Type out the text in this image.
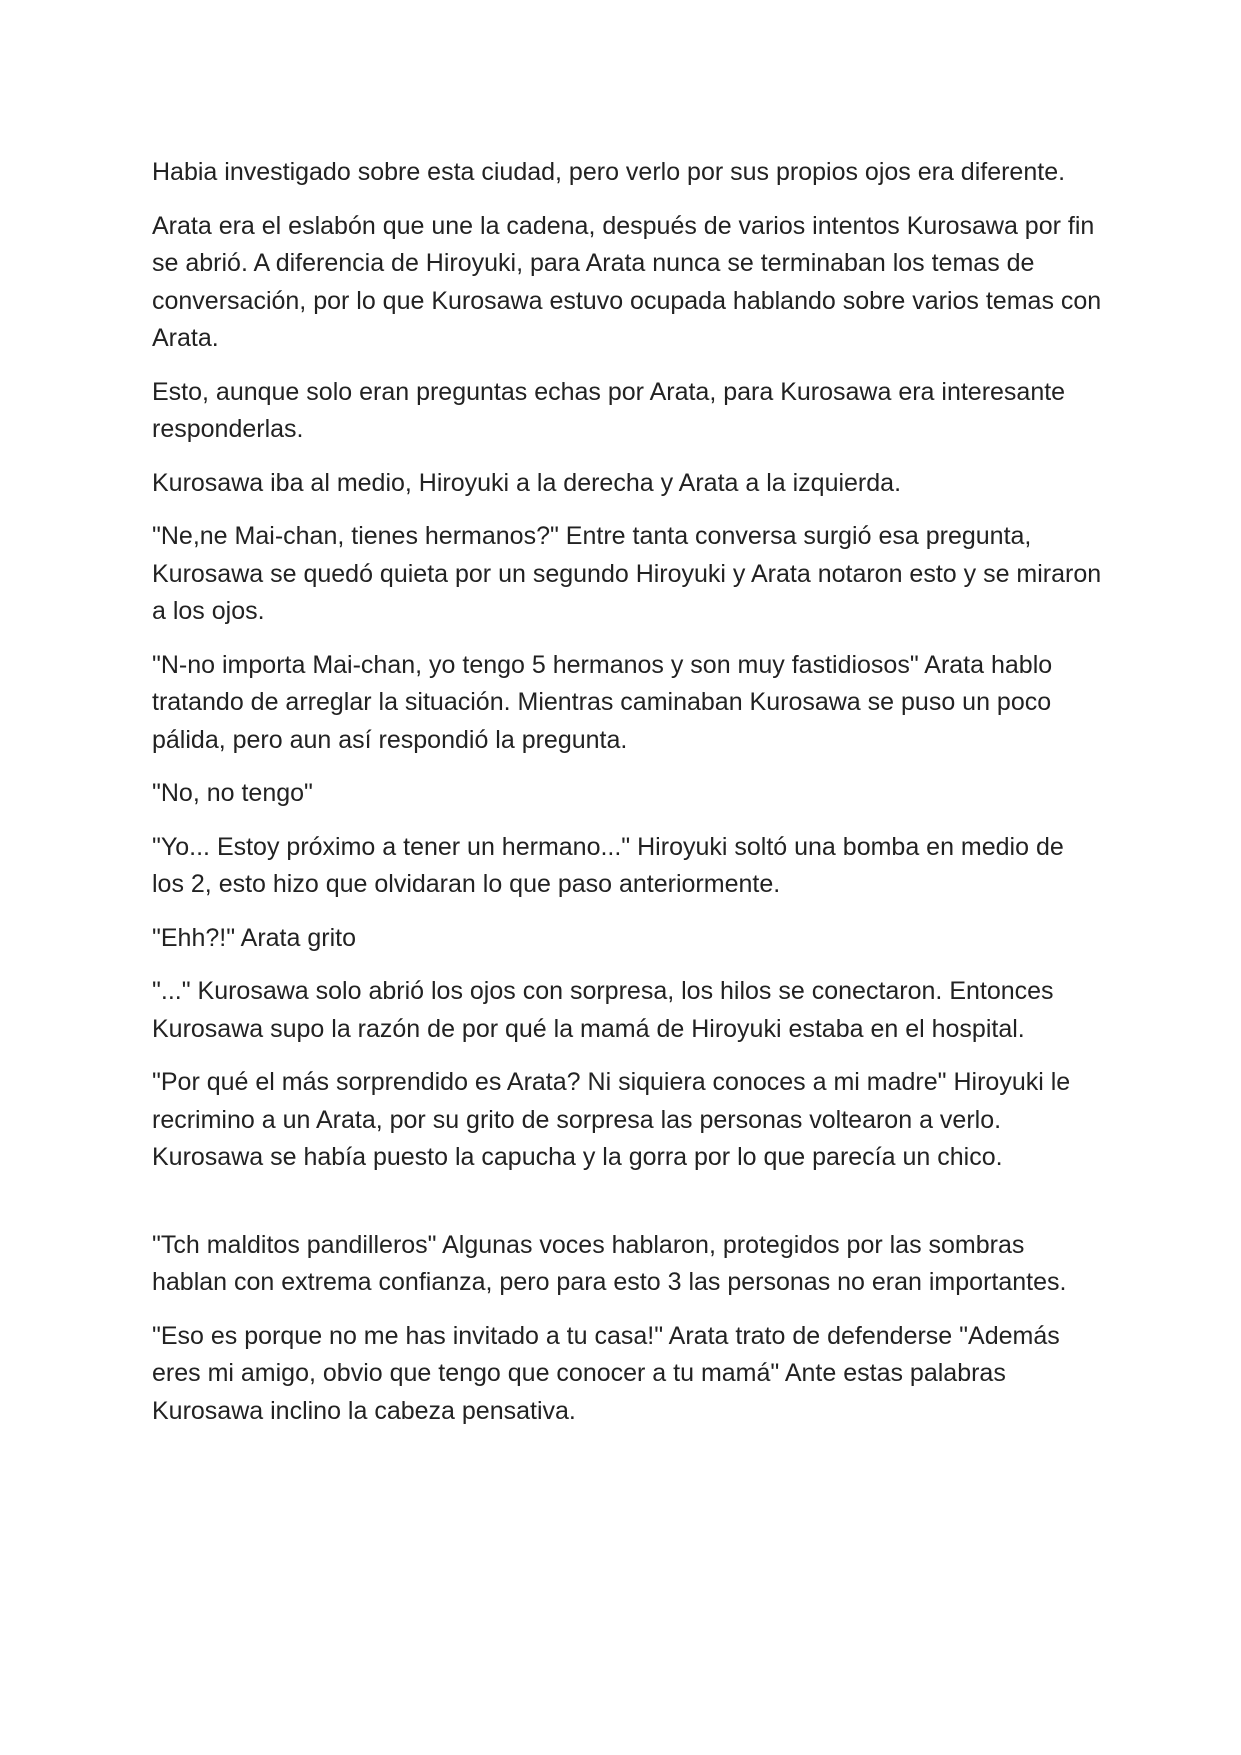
Habia investigado sobre esta ciudad, pero verlo por sus propios ojos era diferente.

Arata era el eslabón que une la cadena, después de varios intentos Kurosawa por fin se abrió. A diferencia de Hiroyuki, para Arata nunca se terminaban los temas de conversación, por lo que Kurosawa estuvo ocupada hablando sobre varios temas con Arata.

Esto, aunque solo eran preguntas echas por Arata, para Kurosawa era interesante responderlas.

Kurosawa iba al medio, Hiroyuki a la derecha y Arata a la izquierda.

"Ne,ne Mai-chan, tienes hermanos?" Entre tanta conversa surgió esa pregunta, Kurosawa se quedó quieta por un segundo Hiroyuki y Arata notaron esto y se miraron a los ojos.

"N-no importa Mai-chan, yo tengo 5 hermanos y son muy fastidiosos" Arata hablo tratando de arreglar la situación. Mientras caminaban Kurosawa se puso un poco pálida, pero aun así respondió la pregunta.

"No, no tengo"

"Yo... Estoy próximo a tener un hermano..." Hiroyuki soltó una bomba en medio de los 2, esto hizo que olvidaran lo que paso anteriormente.

"Ehh?!" Arata grito

"..." Kurosawa solo abrió los ojos con sorpresa, los hilos se conectaron. Entonces Kurosawa supo la razón de por qué la mamá de Hiroyuki estaba en el hospital.

"Por qué el más sorprendido es Arata? Ni siquiera conoces a mi madre" Hiroyuki le recrimino a un Arata, por su grito de sorpresa las personas voltearon a verlo. Kurosawa se había puesto la capucha y la gorra por lo que parecía un chico.

"Tch malditos pandilleros" Algunas voces hablaron, protegidos por las sombras hablan con extrema confianza, pero para esto 3 las personas no eran importantes.

"Eso es porque no me has invitado a tu casa!" Arata trato de defenderse "Además eres mi amigo, obvio que tengo que conocer a tu mamá" Ante estas palabras Kurosawa inclino la cabeza pensativa.
